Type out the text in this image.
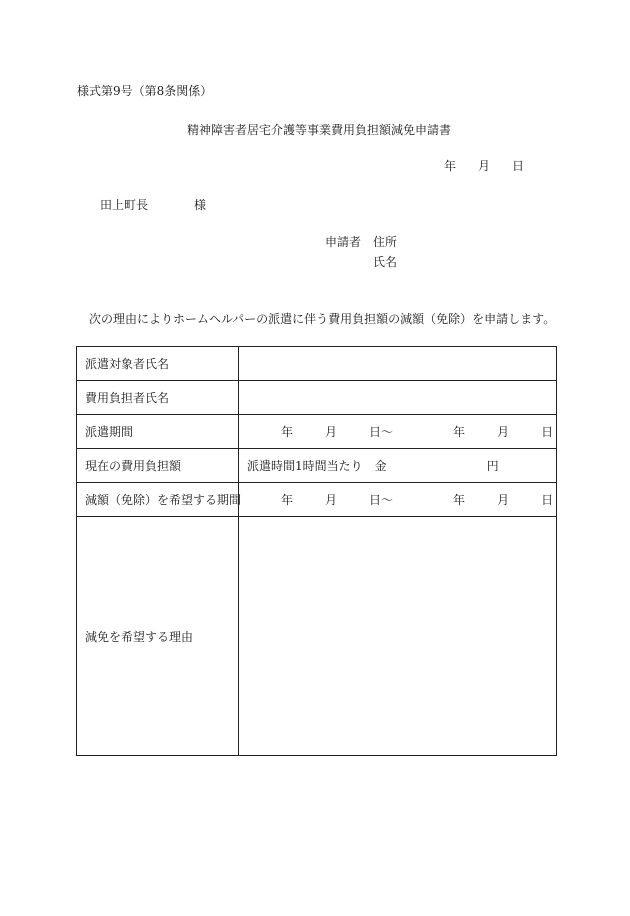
様式第9号（第8条関係）
精神障害者居宅介護等事業費用負担額減免申請書
年 月 日
田上町長	様
申請者 住所
氏名
次の理由によりホームヘルパーの派遣に伴う費用負担額の減額（免除）を申請します。
派遣対象者氏名	
費用負担者氏名	
派遣期間	年 月 日～ 年 月 日
現在の費用負担額	派遣時間1時間当たり　金 円
減額（免除）を希望する期間	年 月 日～ 年 月 日
減免を希望する理由	
